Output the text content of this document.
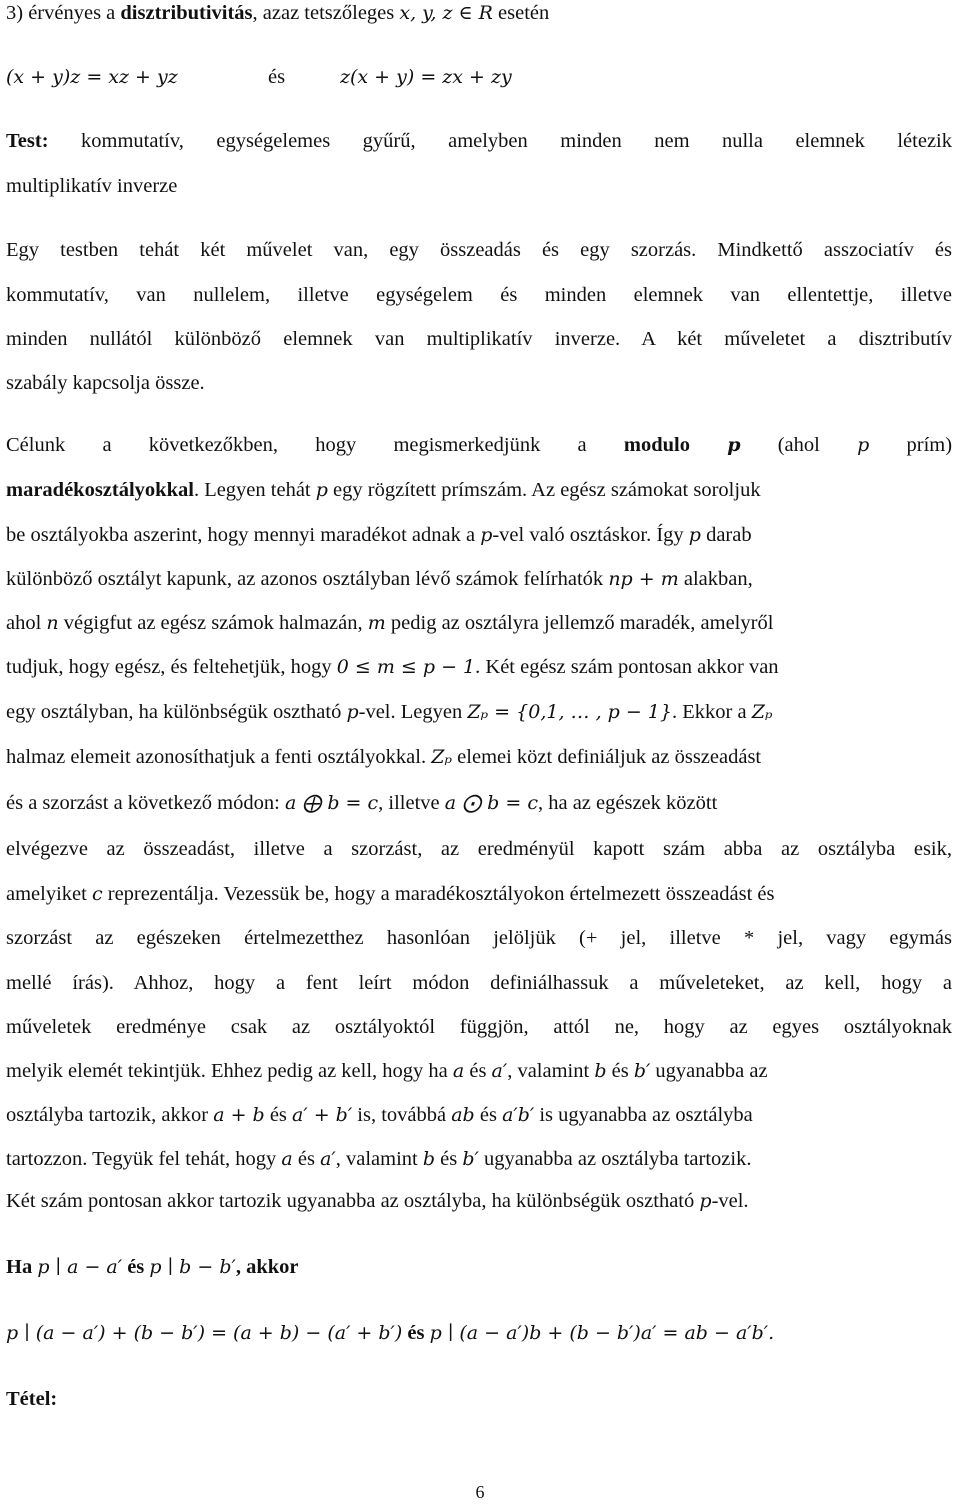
3) érvényes a disztributivitás, azaz tetszőleges x, y, z ∈ R esetén
(x + y)z = xz + yz	és	z(x + y) = zx + zy
Test: kommutatív, egységelemes gyűrű, amelyben minden nem nulla elemnek létezik
multiplikatív inverze
Egy testben tehát két művelet van, egy összeadás és egy szorzás. Mindkettő asszociatív és
kommutatív, van nullelem, illetve egységelem és minden elemnek van ellentettje, illetve
minden nullától különböző elemnek van multiplikatív inverze. A két műveletet a disztributív
szabály kapcsolja össze.
Célunk a következőkben, hogy megismerkedjünk a modulo p (ahol p prím)
maradékosztályokkal. Legyen tehát p egy rögzített prímszám. Az egész számokat soroljuk
be osztályokba aszerint, hogy mennyi maradékot adnak a p-vel való osztáskor. Így p darab
különböző osztályt kapunk, az azonos osztályban lévő számok felírhatók np + m alakban,
ahol n végigfut az egész számok halmazán, m pedig az osztályra jellemző maradék, amelyről
tudjuk, hogy egész, és feltehetjük, hogy 0 ≤ m ≤ p − 1. Két egész szám pontosan akkor van
egy osztályban, ha különbségük osztható p-vel. Legyen Zₚ = {0,1, … , p − 1}. Ekkor a Zₚ
halmaz elemeit azonosíthatjuk a fenti osztályokkal. Zₚ elemei közt definiáljuk az összeadást
és a szorzást a következő módon: a ⨁ b = c, illetve a ⨀ b = c, ha az egészek között
elvégezve az összeadást, illetve a szorzást, az eredményül kapott szám abba az osztályba esik,
amelyiket c reprezentálja. Vezessük be, hogy a maradékosztályokon értelmezett összeadást és
szorzást az egészeken értelmezetthez hasonlóan jelöljük (+ jel, illetve * jel, vagy egymás
mellé írás). Ahhoz, hogy a fent leírt módon definiálhassuk a műveleteket, az kell, hogy a
műveletek eredménye csak az osztályoktól függjön, attól ne, hogy az egyes osztályoknak
melyik elemét tekintjük. Ehhez pedig az kell, hogy ha a és a′, valamint b és b′ ugyanabba az
osztályba tartozik, akkor a + b és a′ + b′ is, továbbá ab és a′b′ is ugyanabba az osztályba
tartozzon. Tegyük fel tehát, hogy a és a′, valamint b és b′ ugyanabba az osztályba tartozik.
Két szám pontosan akkor tartozik ugyanabba az osztályba, ha különbségük osztható p-vel.
Ha p ∣ a − a′ és p ∣ b − b′, akkor
p ∣ (a − a′) + (b − b′) = (a + b) − (a′ + b′) és p ∣ (a − a′)b + (b − b′)a′ = ab − a′b′.
Tétel:
6
